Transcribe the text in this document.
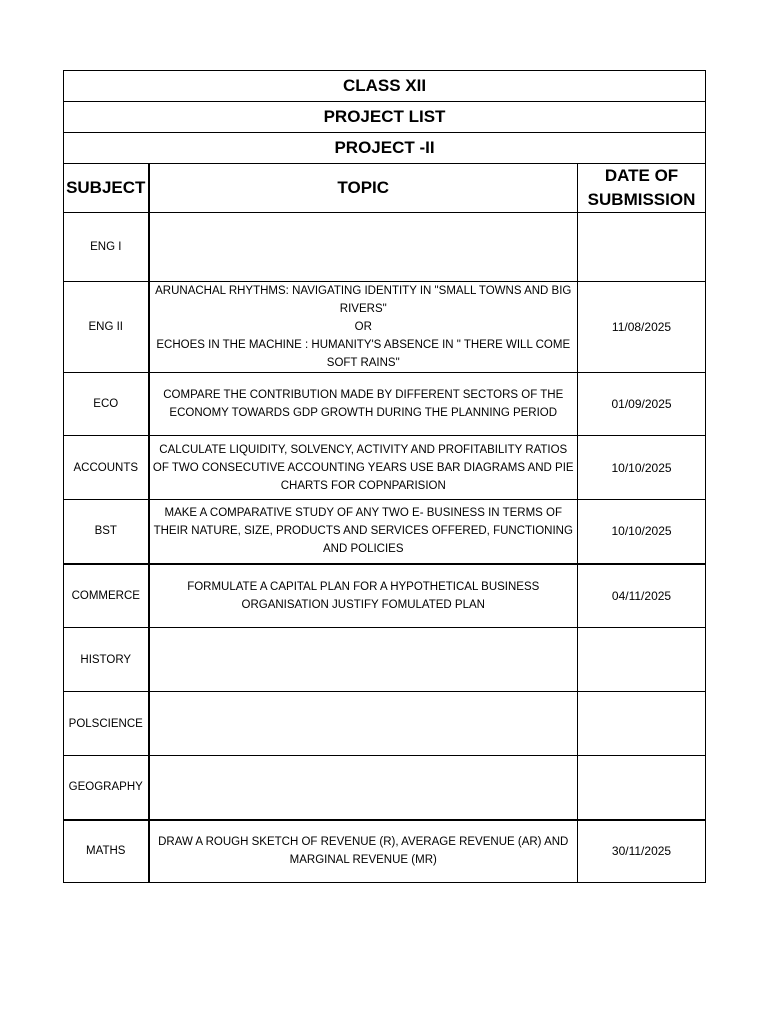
CLASS XII		
PROJECT LIST		
PROJECT -II		
SUBJECT	TOPIC	DATE OF
SUBMISSION

ENG I		
ENG II	ARUNACHAL RHYTHMS: NAVIGATING IDENTITY IN "SMALL TOWNS AND BIG RIVERS"
OR
ECHOES IN THE MACHINE : HUMANITY'S ABSENCE IN " THERE WILL COME SOFT RAINS"	11/08/2025
ECO	COMPARE THE CONTRIBUTION MADE BY DIFFERENT SECTORS OF THE ECONOMY TOWARDS GDP GROWTH DURING THE PLANNING PERIOD	01/09/2025
ACCOUNTS	CALCULATE LIQUIDITY, SOLVENCY, ACTIVITY AND PROFITABILITY RATIOS OF TWO CONSECUTIVE ACCOUNTING YEARS USE BAR DIAGRAMS AND PIE CHARTS FOR COPNPARISION	10/10/2025
BST	MAKE A COMPARATIVE STUDY OF ANY TWO E- BUSINESS IN TERMS OF THEIR NATURE, SIZE, PRODUCTS AND SERVICES OFFERED, FUNCTIONING AND POLICIES	10/10/2025
COMMERCE	FORMULATE A CAPITAL PLAN FOR A HYPOTHETICAL BUSINESS ORGANISATION JUSTIFY FOMULATED PLAN	04/11/2025
HISTORY		
POLSCIENCE		
GEOGRAPHY		
MATHS	DRAW A ROUGH SKETCH OF REVENUE (R), AVERAGE REVENUE (AR) AND MARGINAL REVENUE (MR)	30/11/2025
